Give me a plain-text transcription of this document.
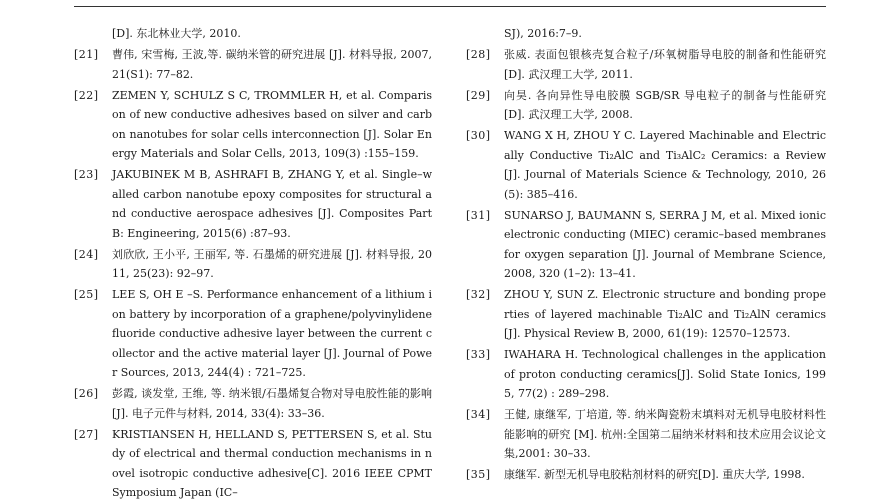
[D]. 东北林业大学, 2010.
[21] 曹伟, 宋雪梅, 王波,等. 碳纳米管的研究进展 [J]. 材料导报, 2007, 21(S1): 77–82.
[22] ZEMEN Y, SCHULZ S C, TROMMLER H, et al. Comparison of new conductive adhesives based on silver and carbon nanotubes for solar cells interconnection [J]. Solar Energy Materials and Solar Cells, 2013, 109(3) :155–159.
[23] JAKUBINEK M B, ASHRAFI B, ZHANG Y, et al. Single–walled carbon nanotube epoxy composites for structural and conductive aerospace adhesives [J]. Composites Part B: Engineering, 2015(6) :87–93.
[24] 刘欣欣, 王小平, 王丽军, 等. 石墨烯的研究进展 [J]. 材料导报, 2011, 25(23): 92–97.
[25] LEE S, OH E –S. Performance enhancement of a lithium ion battery by incorporation of a graphene/polyvinylidene fluoride conductive adhesive layer between the current collector and the active material layer [J]. Journal of Power Sources, 2013, 244(4) : 721–725.
[26] 彭霞, 谈发堂, 王维, 等. 纳米银/石墨烯复合物对导电胶性能的影响 [J]. 电子元件与材料, 2014, 33(4): 33–36.
[27] KRISTIANSEN H, HELLAND S, PETTERSEN S, et al. Study of electrical and thermal conduction mechanisms in novel isotropic conductive adhesive[C]. 2016 IEEE CPMT Symposium Japan (IC–
SJ), 2016:7–9.
[28] 张威. 表面包银核壳复合粒子/环氧树脂导电胶的制备和性能研究 [D]. 武汉理工大学, 2011.
[29] 向昊. 各向异性导电胶膜 SGB/SR 导电粒子的制备与性能研究 [D]. 武汉理工大学, 2008.
[30] WANG X H, ZHOU Y C. Layered Machinable and Electrically Conductive Ti₂AlC and Ti₃AlC₂ Ceramics: a Review [J]. Journal of Materials Science & Technology, 2010, 26(5): 385–416.
[31] SUNARSO J, BAUMANN S, SERRA J M, et al. Mixed ionic electronic conducting (MIEC) ceramic–based membranes for oxygen separation [J]. Journal of Membrane Science, 2008, 320 (1–2): 13–41.
[32] ZHOU Y, SUN Z. Electronic structure and bonding properties of layered machinable Ti₂AlC and Ti₂AlN ceramics[J]. Physical Review B, 2000, 61(19): 12570–12573.
[33] IWAHARA H. Technological challenges in the application of proton conducting ceramics[J]. Solid State Ionics, 1995, 77(2) : 289–298.
[34] 王健, 康继军, 丁培道, 等. 纳米陶瓷粉末填料对无机导电胶材料性能影响的研究 [M]. 杭州:全国第二届纳米材料和技术应用会议论文集,2001: 30–33.
[35] 康继军. 新型无机导电胶粘剂材料的研究[D]. 重庆大学, 1998.
